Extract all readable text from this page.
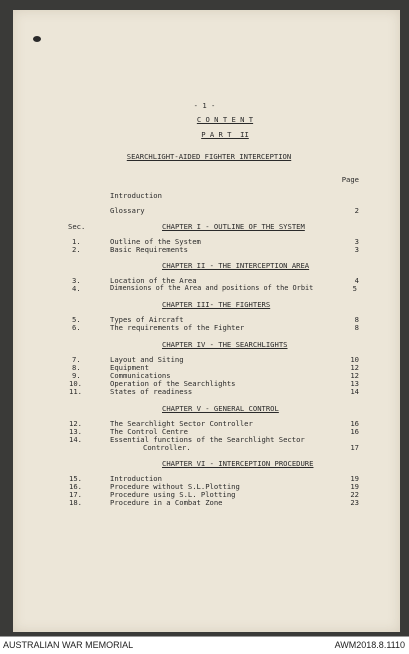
- 1 -
C O N T E N T
P A R T  II
SEARCHLIGHT-AIDED FIGHTER INTERCEPTION
Page
Introduction
Glossary	2
Sec.	CHAPTER I - OUTLINE OF THE SYSTEM
1.	Outline of the System	3
2.	Basic Requirements	3
CHAPTER II - THE INTERCEPTION AREA
3.	Location of the Area	4
4.	Dimensions of the Area and positions of the Orbit	5
CHAPTER III- THE FIGHTERS
5.	Types of Aircraft	8
6.	The requirements of the Fighter	8
CHAPTER IV - THE SEARCHLIGHTS
7.	Layout and Siting	10
8.	Equipment	12
9.	Communications	12
10.	Operation of the Searchlights	13
11.	States of readiness	14
CHAPTER V - GENERAL CONTROL
12.	The Searchlight Sector Controller	16
13.	The Control Centre	16
14.	Essential functions of the Searchlight Sector
Controller.	17
CHAPTER VI - INTERCEPTION PROCEDURE
15.	Introduction	19
16.	Procedure without S.L.Plotting	19
17.	Procedure using S.L. Plotting	22
18.	Procedure in a Combat Zone	23
AUSTRALIAN WAR MEMORIAL	AWM2018.8.1110
